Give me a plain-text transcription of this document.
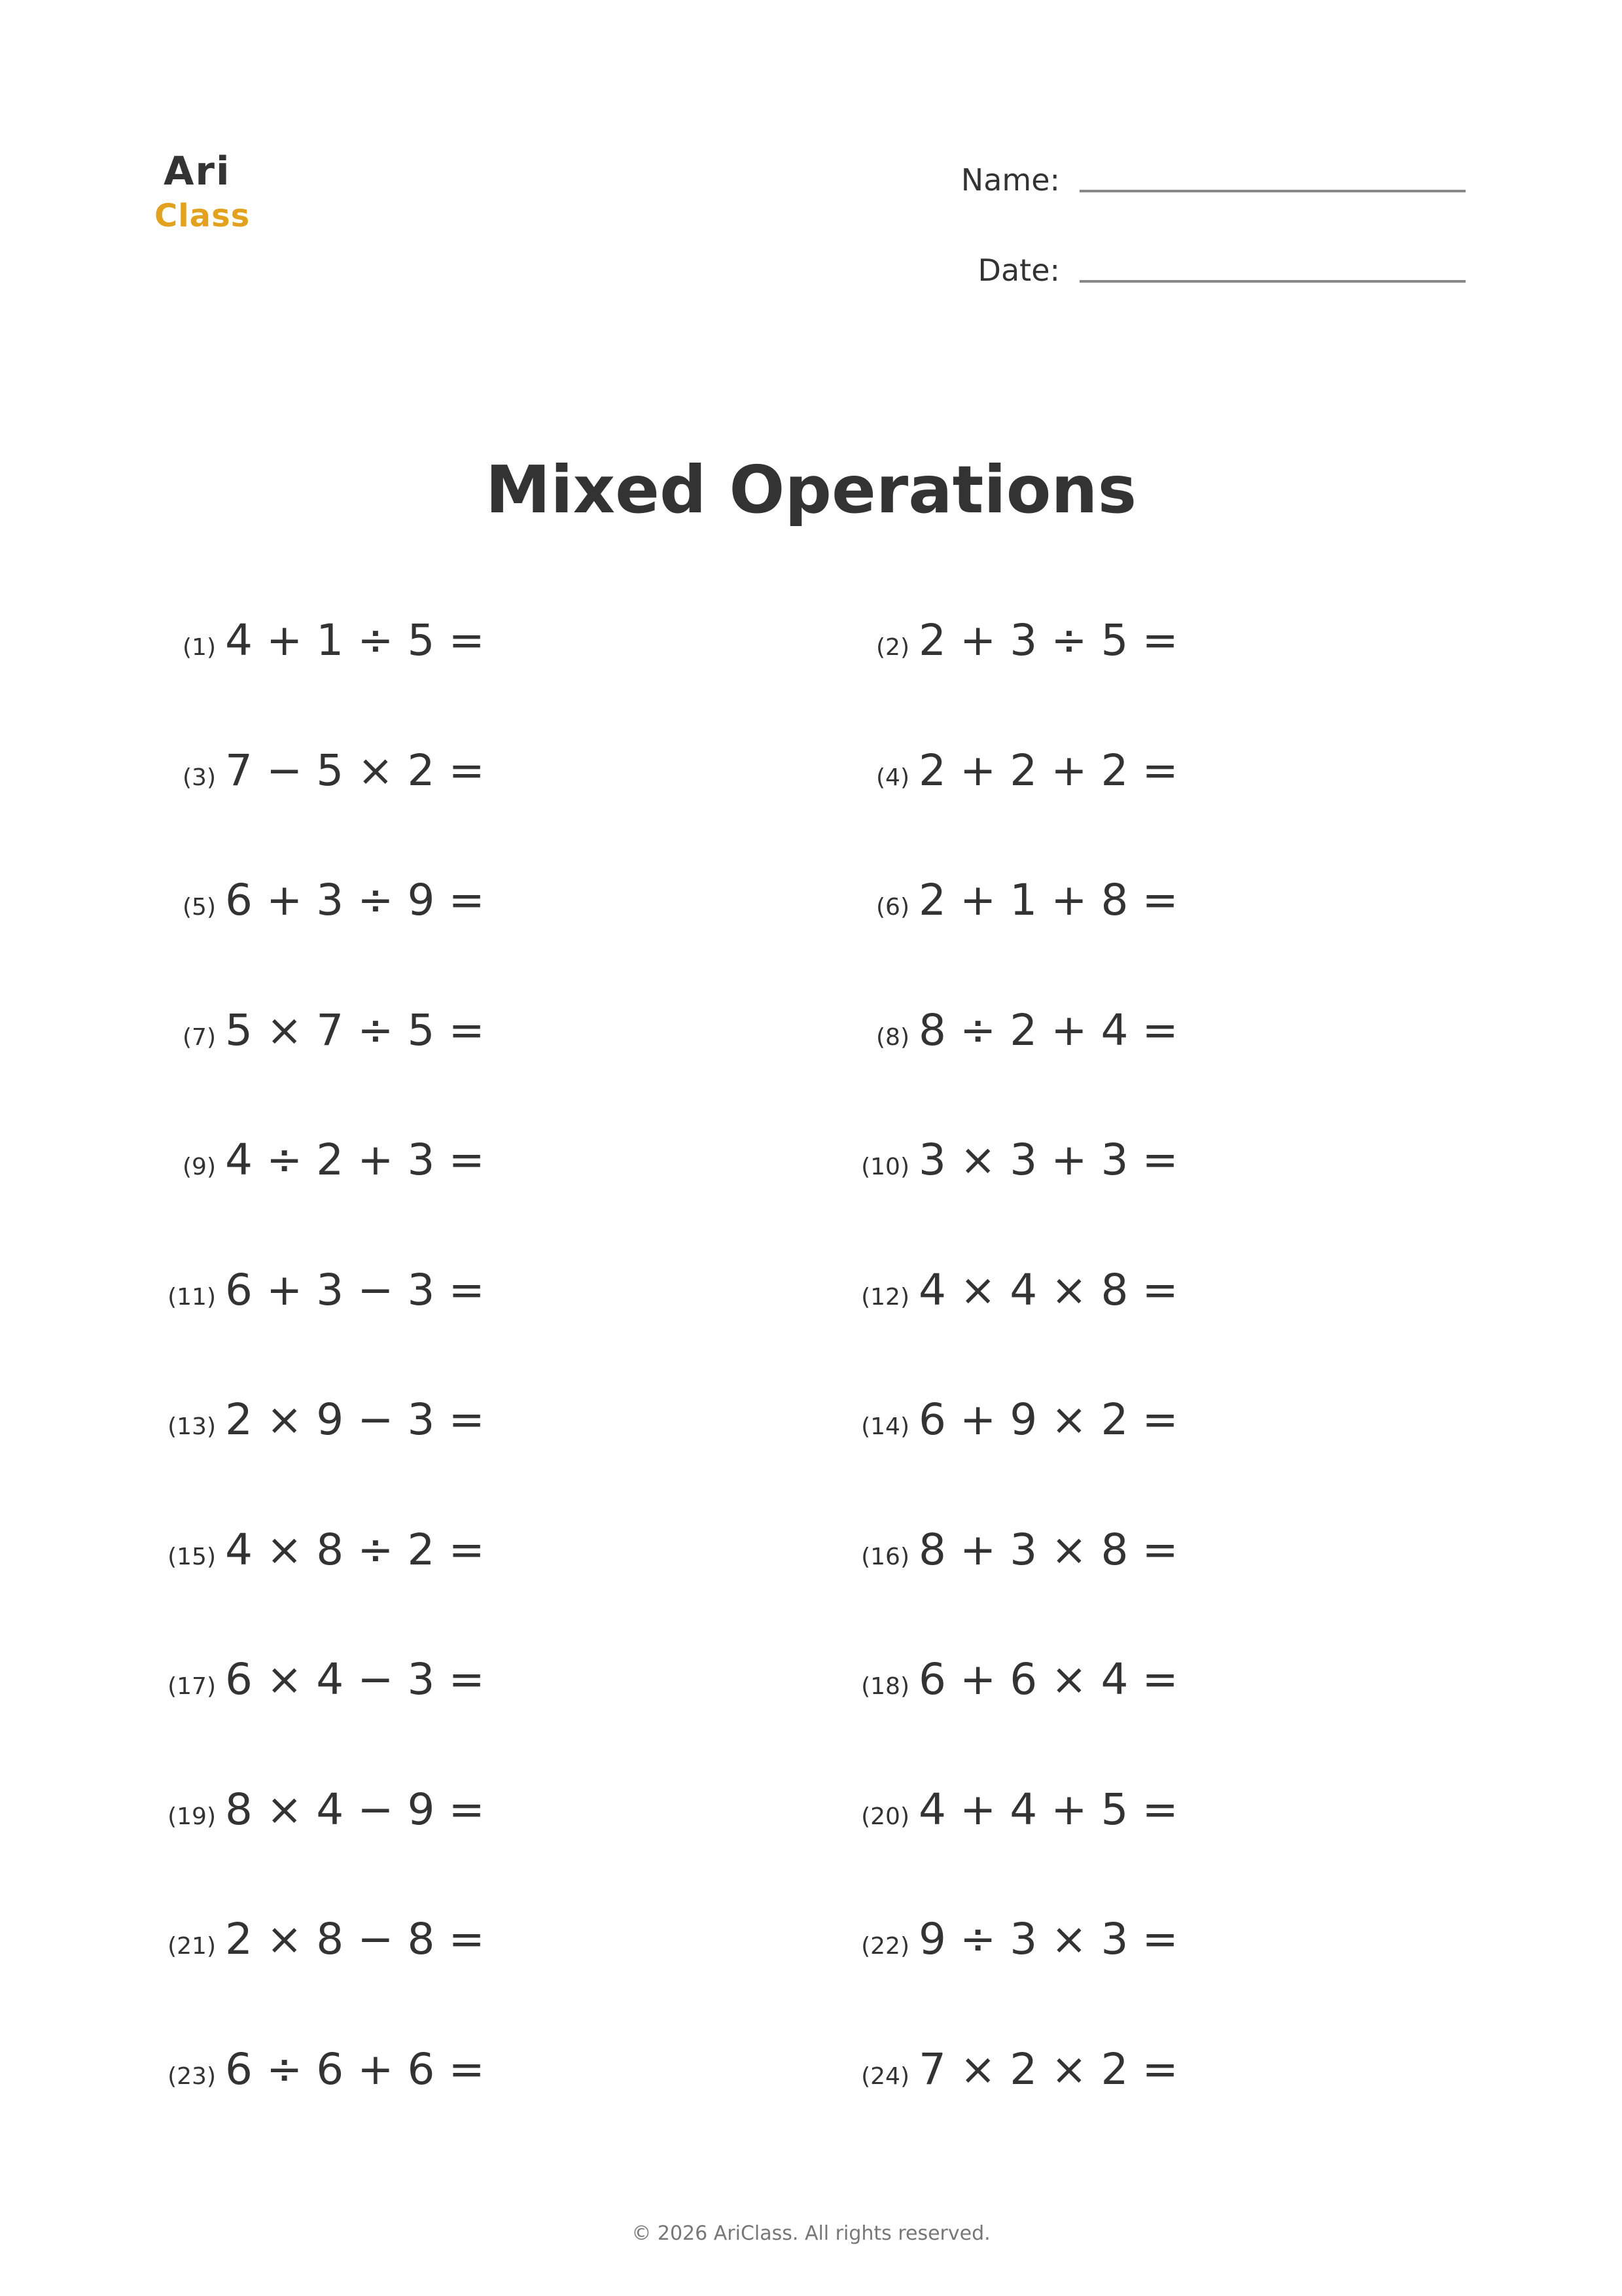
Ari
Class
Name:
Date:
Mixed Operations
(1) 4 + 1 ÷ 5 =	(2) 2 + 3 ÷ 5 =
(3) 7 − 5 × 2 =	(4) 2 + 2 + 2 =
(5) 6 + 3 ÷ 9 =	(6) 2 + 1 + 8 =
(7) 5 × 7 ÷ 5 =	(8) 8 ÷ 2 + 4 =
(9) 4 ÷ 2 + 3 =	(10) 3 × 3 + 3 =
(11) 6 + 3 − 3 =	(12) 4 × 4 × 8 =
(13) 2 × 9 − 3 =	(14) 6 + 9 × 2 =
(15) 4 × 8 ÷ 2 =	(16) 8 + 3 × 8 =
(17) 6 × 4 − 3 =	(18) 6 + 6 × 4 =
(19) 8 × 4 − 9 =	(20) 4 + 4 + 5 =
(21) 2 × 8 − 8 =	(22) 9 ÷ 3 × 3 =
(23) 6 ÷ 6 + 6 =	(24) 7 × 2 × 2 =
© 2026 AriClass. All rights reserved.
